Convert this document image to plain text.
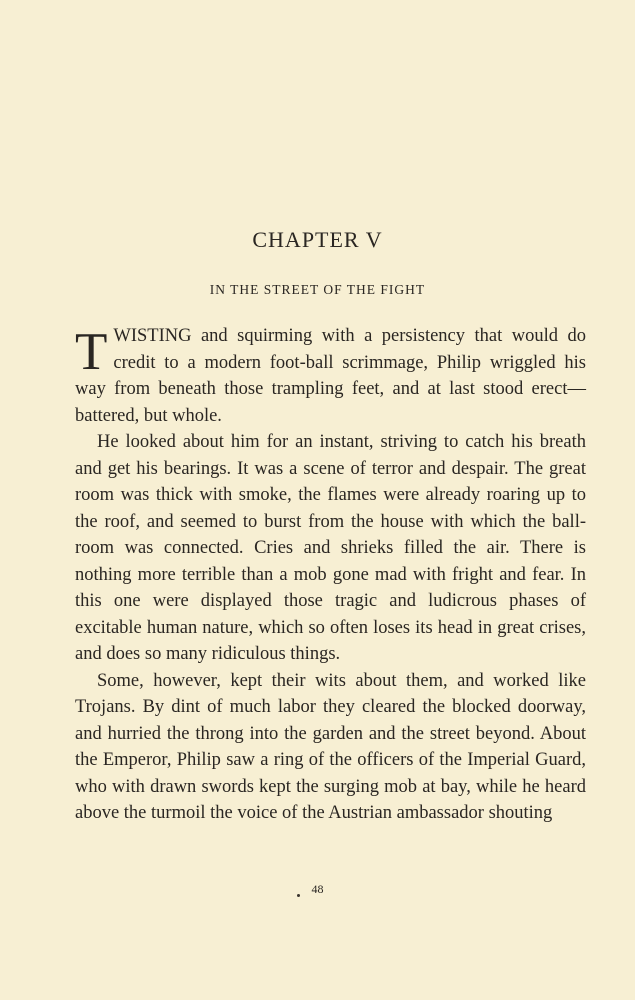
CHAPTER V
IN THE STREET OF THE FIGHT

TWISTING and squirming with a persistency that would do credit to a modern foot-ball scrimmage, Philip wriggled his way from beneath those trampling feet, and at last stood erect—battered, but whole.

He looked about him for an instant, striving to catch his breath and get his bearings. It was a scene of terror and despair. The great room was thick with smoke, the flames were already roaring up to the roof, and seemed to burst from the house with which the ball-room was connected. Cries and shrieks filled the air. There is nothing more terrible than a mob gone mad with fright and fear. In this one were displayed those tragic and ludicrous phases of excitable human nature, which so often loses its head in great crises, and does so many ridiculous things.

Some, however, kept their wits about them, and worked like Trojans. By dint of much labor they cleared the blocked doorway, and hurried the throng into the garden and the street beyond. About the Emperor, Philip saw a ring of the officers of the Imperial Guard, who with drawn swords kept the surging mob at bay, while he heard above the turmoil the voice of the Austrian ambassador shouting

48
